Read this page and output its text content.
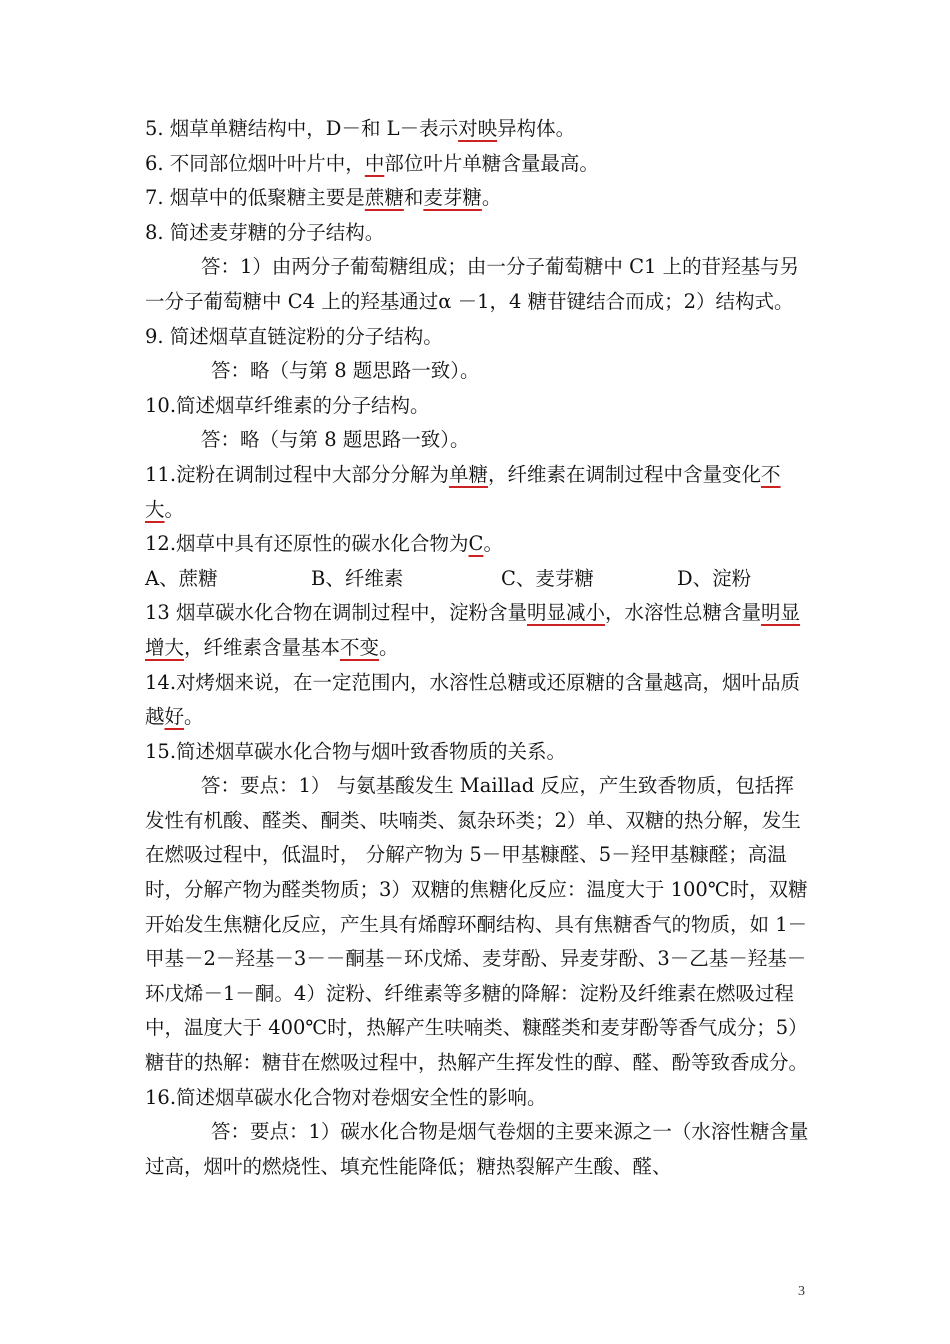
5. 烟草单糖结构中，D－和 L－表示对映异构体。

6. 不同部位烟叶叶片中，中部位叶片单糖含量最高。

7. 烟草中的低聚糖主要是蔗糖和麦芽糖。

8. 简述麦芽糖的分子结构。

答：1）由两分子葡萄糖组成；由一分子葡萄糖中 C1 上的苷羟基与另一分子葡萄糖中 C4 上的羟基通过α －1，4 糖苷键结合而成；2）结构式。

9. 简述烟草直链淀粉的分子结构。

答：略（与第 8 题思路一致）。

10.简述烟草纤维素的分子结构。

答：略（与第 8 题思路一致）。

11.淀粉在调制过程中大部分分解为单糖，纤维素在调制过程中含量变化不大。

12.烟草中具有还原性的碳水化合物为C。

A、蔗糖	B、纤维素	C、麦芽糖	D、淀粉

13 烟草碳水化合物在调制过程中，淀粉含量明显减小，水溶性总糖含量明显增大，纤维素含量基本不变。

14.对烤烟来说，在一定范围内，水溶性总糖或还原糖的含量越高，烟叶品质越好。

15.简述烟草碳水化合物与烟叶致香物质的关系。

答：要点：1） 与氨基酸发生 Maillad 反应，产生致香物质，包括挥发性有机酸、醛类、酮类、呋喃类、氮杂环类；2）单、双糖的热分解，发生在燃吸过程中，低温时， 分解产物为 5－甲基糠醛、5－羟甲基糠醛；高温时，分解产物为醛类物质；3）双糖的焦糖化反应：温度大于 100℃时，双糖开始发生焦糖化反应，产生具有烯醇环酮结构、具有焦糖香气的物质，如 1－甲基－2－羟基－3－－酮基－环戊烯、麦芽酚、异麦芽酚、3－乙基－羟基－环戊烯－1－酮。4）淀粉、纤维素等多糖的降解：淀粉及纤维素在燃吸过程中，温度大于 400℃时，热解产生呋喃类、糠醛类和麦芽酚等香气成分；5）糖苷的热解：糖苷在燃吸过程中，热解产生挥发性的醇、醛、酚等致香成分。

16.简述烟草碳水化合物对卷烟安全性的影响。

答：要点：1）碳水化合物是烟气卷烟的主要来源之一（水溶性糖含量过高，烟叶的燃烧性、填充性能降低；糖热裂解产生酸、醛、

3
